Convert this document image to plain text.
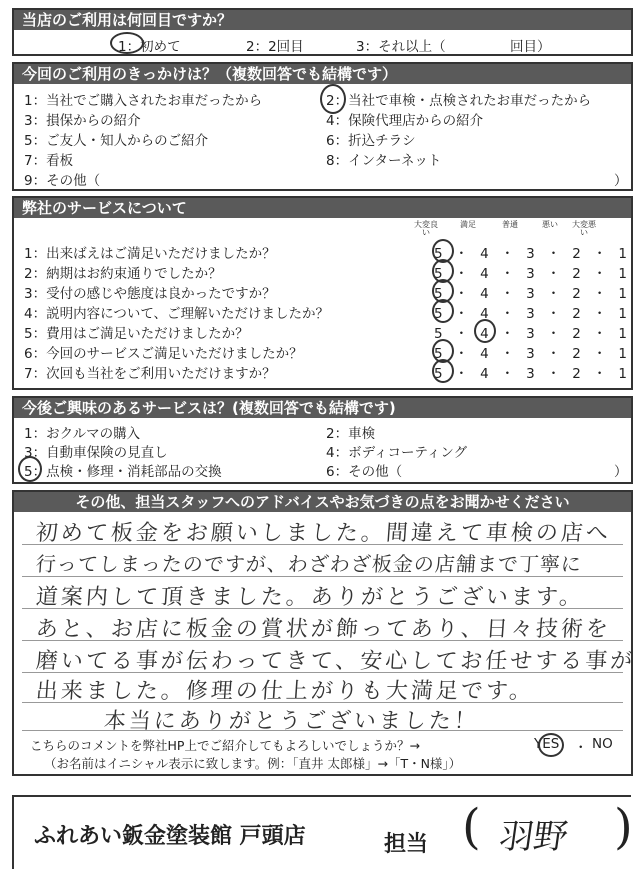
当店のご利用は何回目ですか？
1：初めて	2：2回目	3：それ以上（	回目）
今回のご利用のきっかけは？（複数回答でも結構です）
1：当社でご購入されたお車だったから	2：当社で車検・点検されたお車だったから
3：損保からの紹介	4：保険代理店からの紹介
5：ご友人・知人からのご紹介	6：折込チラシ
7：看板	8：インターネット
9：その他（	）
弊社のサービスについて
大変良い
満足	普通	悪い	大変悪い
1：出来ばえはご満足いただけましたか？	5・4・3・2・1
2：納期はお約束通りでしたか？	5・4・3・2・1
3：受付の感じや態度は良かったですか？	5・4・3・2・1
4：説明内容について、ご理解いただけましたか？	5・4・3・2・1
5：費用はご満足いただけましたか？	5・4・3・2・1
6：今回のサービスご満足いただけましたか？	5・4・3・2・1
7：次回も当社をご利用いただけますか？	5・4・3・2・1
今後ご興味のあるサービスは？(複数回答でも結構です)
1：おクルマの購入	2：車検
3：自動車保険の見直し	4：ボディコーティング
5：点検・修理・消耗部品の交換	6：その他（	）
その他、担当スタッフへのアドバイスやお気づきの点をお聞かせください
初めて板金をお願いしました。間違えて車検の店へ
行ってしまったのですが、わざわざ板金の店舗まで丁寧に
道案内して頂きました。ありがとうございます。
あと、お店に板金の賞状が飾ってあり、日々技術を
磨いてる事が伝わってきて、安心してお任せする事が
出来ました。修理の仕上がりも大満足です。
本当にありがとうございました！
こちらのコメントを弊社HP上でご紹介してもよろしいでしょうか？→	YES ・ NO
（お名前はイニシャル表示に致します。例：「直井 太郎様」→「T・N様」）
ふれあい鈑金塗装館 戸頭店	担当 ( 羽野 )
